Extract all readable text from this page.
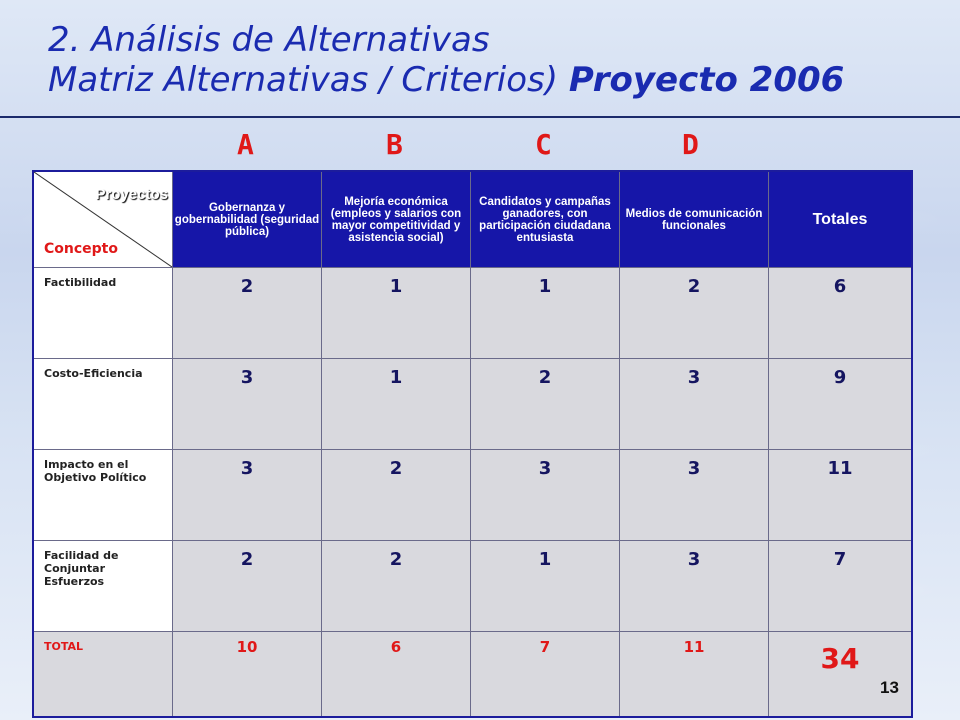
2. Análisis de Alternativas
Matriz Alternativas / Criterios) Proyecto 2006
A	B	C	D
Proyectos
Concepto	Gobernanza y gobernabilidad (seguridad pública)	Mejoría económica (empleos y salarios con mayor competitividad y asistencia social)	Candidatos y campañas ganadores, con participación ciudadana entusiasta	Medios de comunicación funcionales	Totales
Factibilidad	2	1	1	2	6
Costo-Eficiencia	3	1	2	3	9
Impacto en el Objetivo Político	3	2	3	3	11
Facilidad de Conjuntar Esfuerzos	2	2	1	3	7
TOTAL	10	6	7	11	34
13
